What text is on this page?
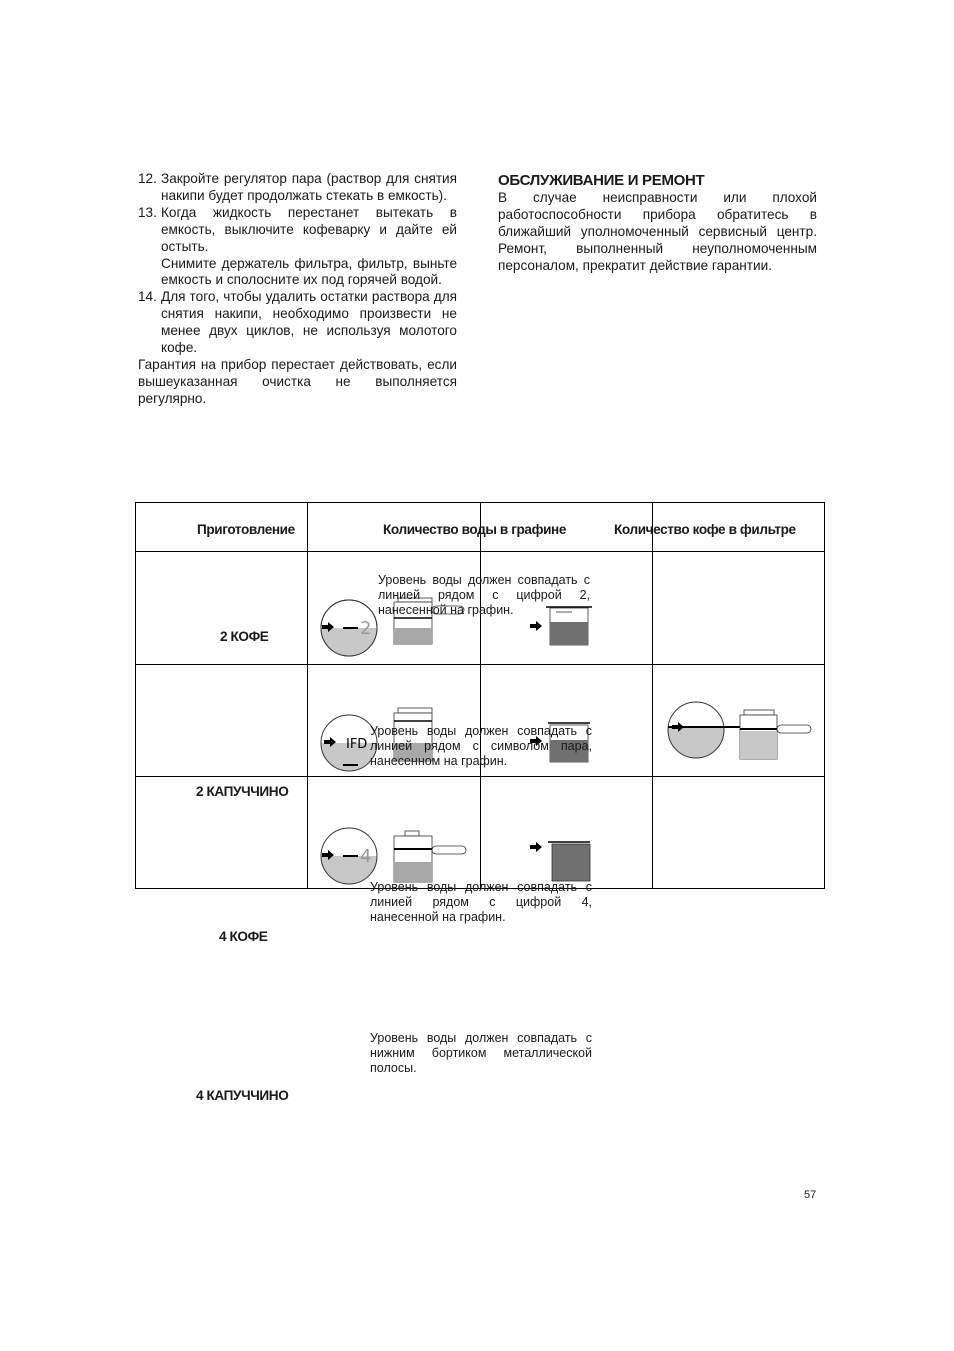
12. Закройте регулятор пара (раствор для снятия накипи будет продолжать стекать в емкость).
13. Когда жидкость перестанет вытекать в емкость, выключите кофеварку и дайте ей остыть.
Снимите держатель фильтра, фильтр, выньте емкость и сполосните их под горячей водой.
14. Для того, чтобы удалить остатки раствора для снятия накипи, необходимо произвести не менее двух циклов, не используя молотого кофе.
Гарантия на прибор перестает действовать, если вышеуказанная очистка не выполняется регулярно.
ОБСЛУЖИВАНИЕ И РЕМОНТ

В случае неисправности или плохой работоспособности прибора обратитесь в ближайший уполномоченный сервисный центр. Ремонт, выполненный неуполномоченным персоналом, прекратит действие гарантии.

Приготовление	Количество воды в графине	Количество кофе в фильтре
2 КОФЕ
2 КАПУЧЧИНО
4 КОФЕ
4 КАПУЧЧИНО
2
IFD
4
Уровень воды должен совпадать с линией рядом с цифрой 2, нанесенной на графин.
Уровень воды должен совпадать с линией рядом с символом пара, нанесенном на графин.
Уровень воды должен совпадать с линией рядом с цифрой 4, нанесенной на графин.
Уровень воды должен совпадать с нижним бортиком металлической полосы.
57
